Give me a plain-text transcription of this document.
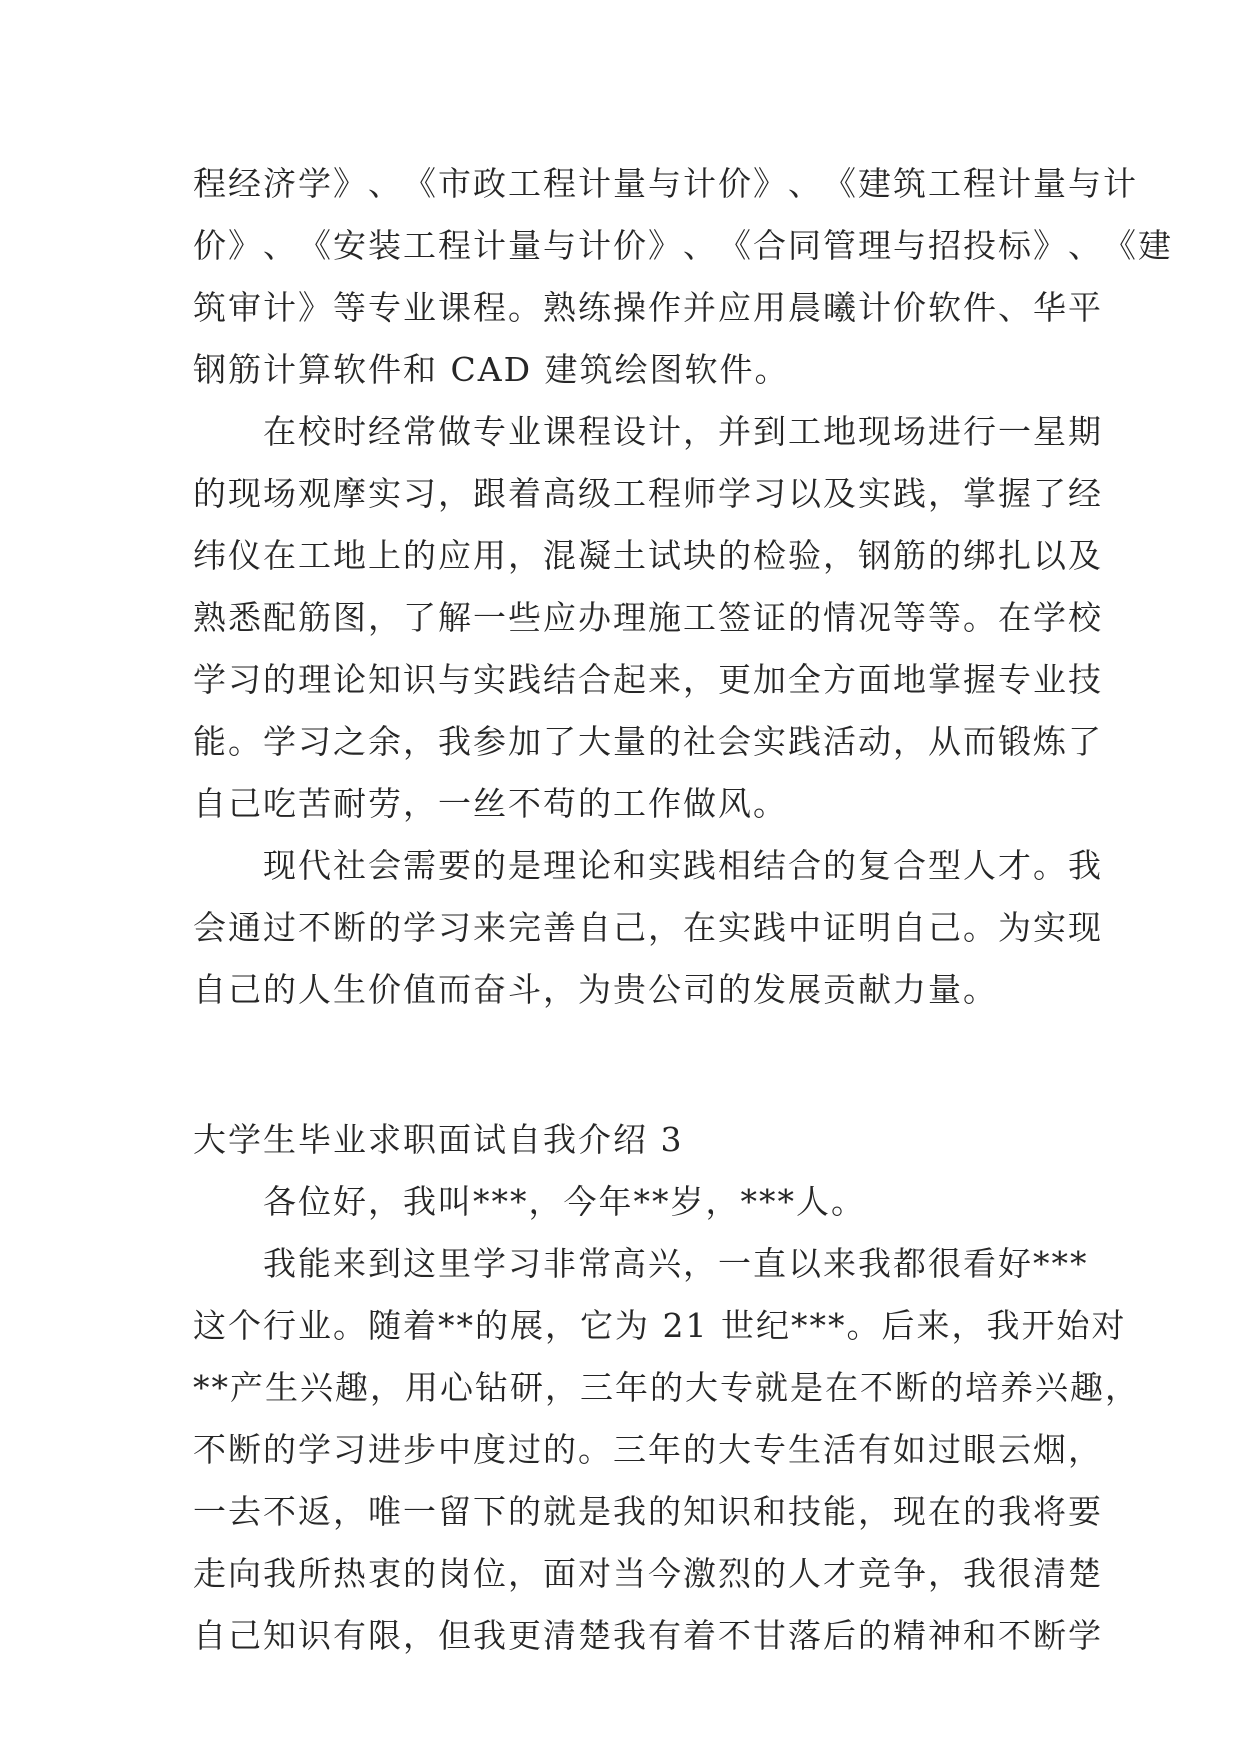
程 经 济 学 》 、 《 市 政 工 程 计 量 与 计 价 》 、 《 建 筑 工 程 计 量 与 计
价 》 、 《 安 装 工 程 计 量 与 计 价 》 、 《 合 同 管 理 与 招 投 标 》 、 《 建
筑 审 计 》 等 专 业 课 程 。 熟 练 操 作 并 应 用 晨 曦 计 价 软 件 、 华 平
钢筋计算软件和 CAD 建筑绘图软件。

在 校 时 经 常 做 专 业 课 程 设 计 ， 并 到 工 地 现 场 进 行 一 星 期
的 现 场 观 摩 实 习 ， 跟 着 高 级 工 程 师 学 习 以 及 实 践 ， 掌 握 了 经
纬 仪 在 工 地 上 的 应 用 ， 混 凝 土 试 块 的 检 验 ， 钢 筋 的 绑 扎 以 及
熟 悉 配 筋 图 ， 了 解 一 些 应 办 理 施 工 签 证 的 情 况 等 等 。 在 学 校
学 习 的 理 论 知 识 与 实 践 结 合 起 来 ， 更 加 全 方 面 地 掌 握 专 业 技
能 。 学 习 之 余 ， 我 参 加 了 大 量 的 社 会 实 践 活 动 ， 从 而 锻 炼 了
自己吃苦耐劳，一丝不苟的工作做风。

现 代 社 会 需 要 的 是 理 论 和 实 践 相 结 合 的 复 合 型 人 才 。 我
会 通 过 不 断 的 学 习 来 完 善 自 己 ， 在 实 践 中 证 明 自 己 。 为 实 现
自己的人生价值而奋斗，为贵公司的发展贡献力量。
大学生毕业求职面试自我介绍 3
　　各位好，我叫***，今年**岁，***人。

我 能 来 到 这 里 学 习 非 常 高 兴 ， 一 直 以 来 我 都 很 看 好 * * *
这 个 行 业 。 随 着 * * 的 展 ， 它 为
2 1
世 纪 * * * 。 后 来 ， 我 开 始 对
* * 产 生 兴 趣 ， 用 心 钻 研 ， 三 年 的 大 专 就 是 在 不 断 的 培 养 兴 趣 ，
不 断 的 学 习 进 步 中 度 过 的 。 三 年 的 大 专 生 活 有 如 过 眼 云 烟 ，
一 去 不 返 ， 唯 一 留 下 的 就 是 我 的 知 识 和 技 能 ， 现 在 的 我 将 要
走 向 我 所 热 衷 的 岗 位 ， 面 对 当 今 激 烈 的 人 才 竞 争 ， 我 很 清 楚
自 己 知 识 有 限 ， 但 我 更 清 楚 我 有 着 不 甘 落 后 的 精 神 和 不 断 学
